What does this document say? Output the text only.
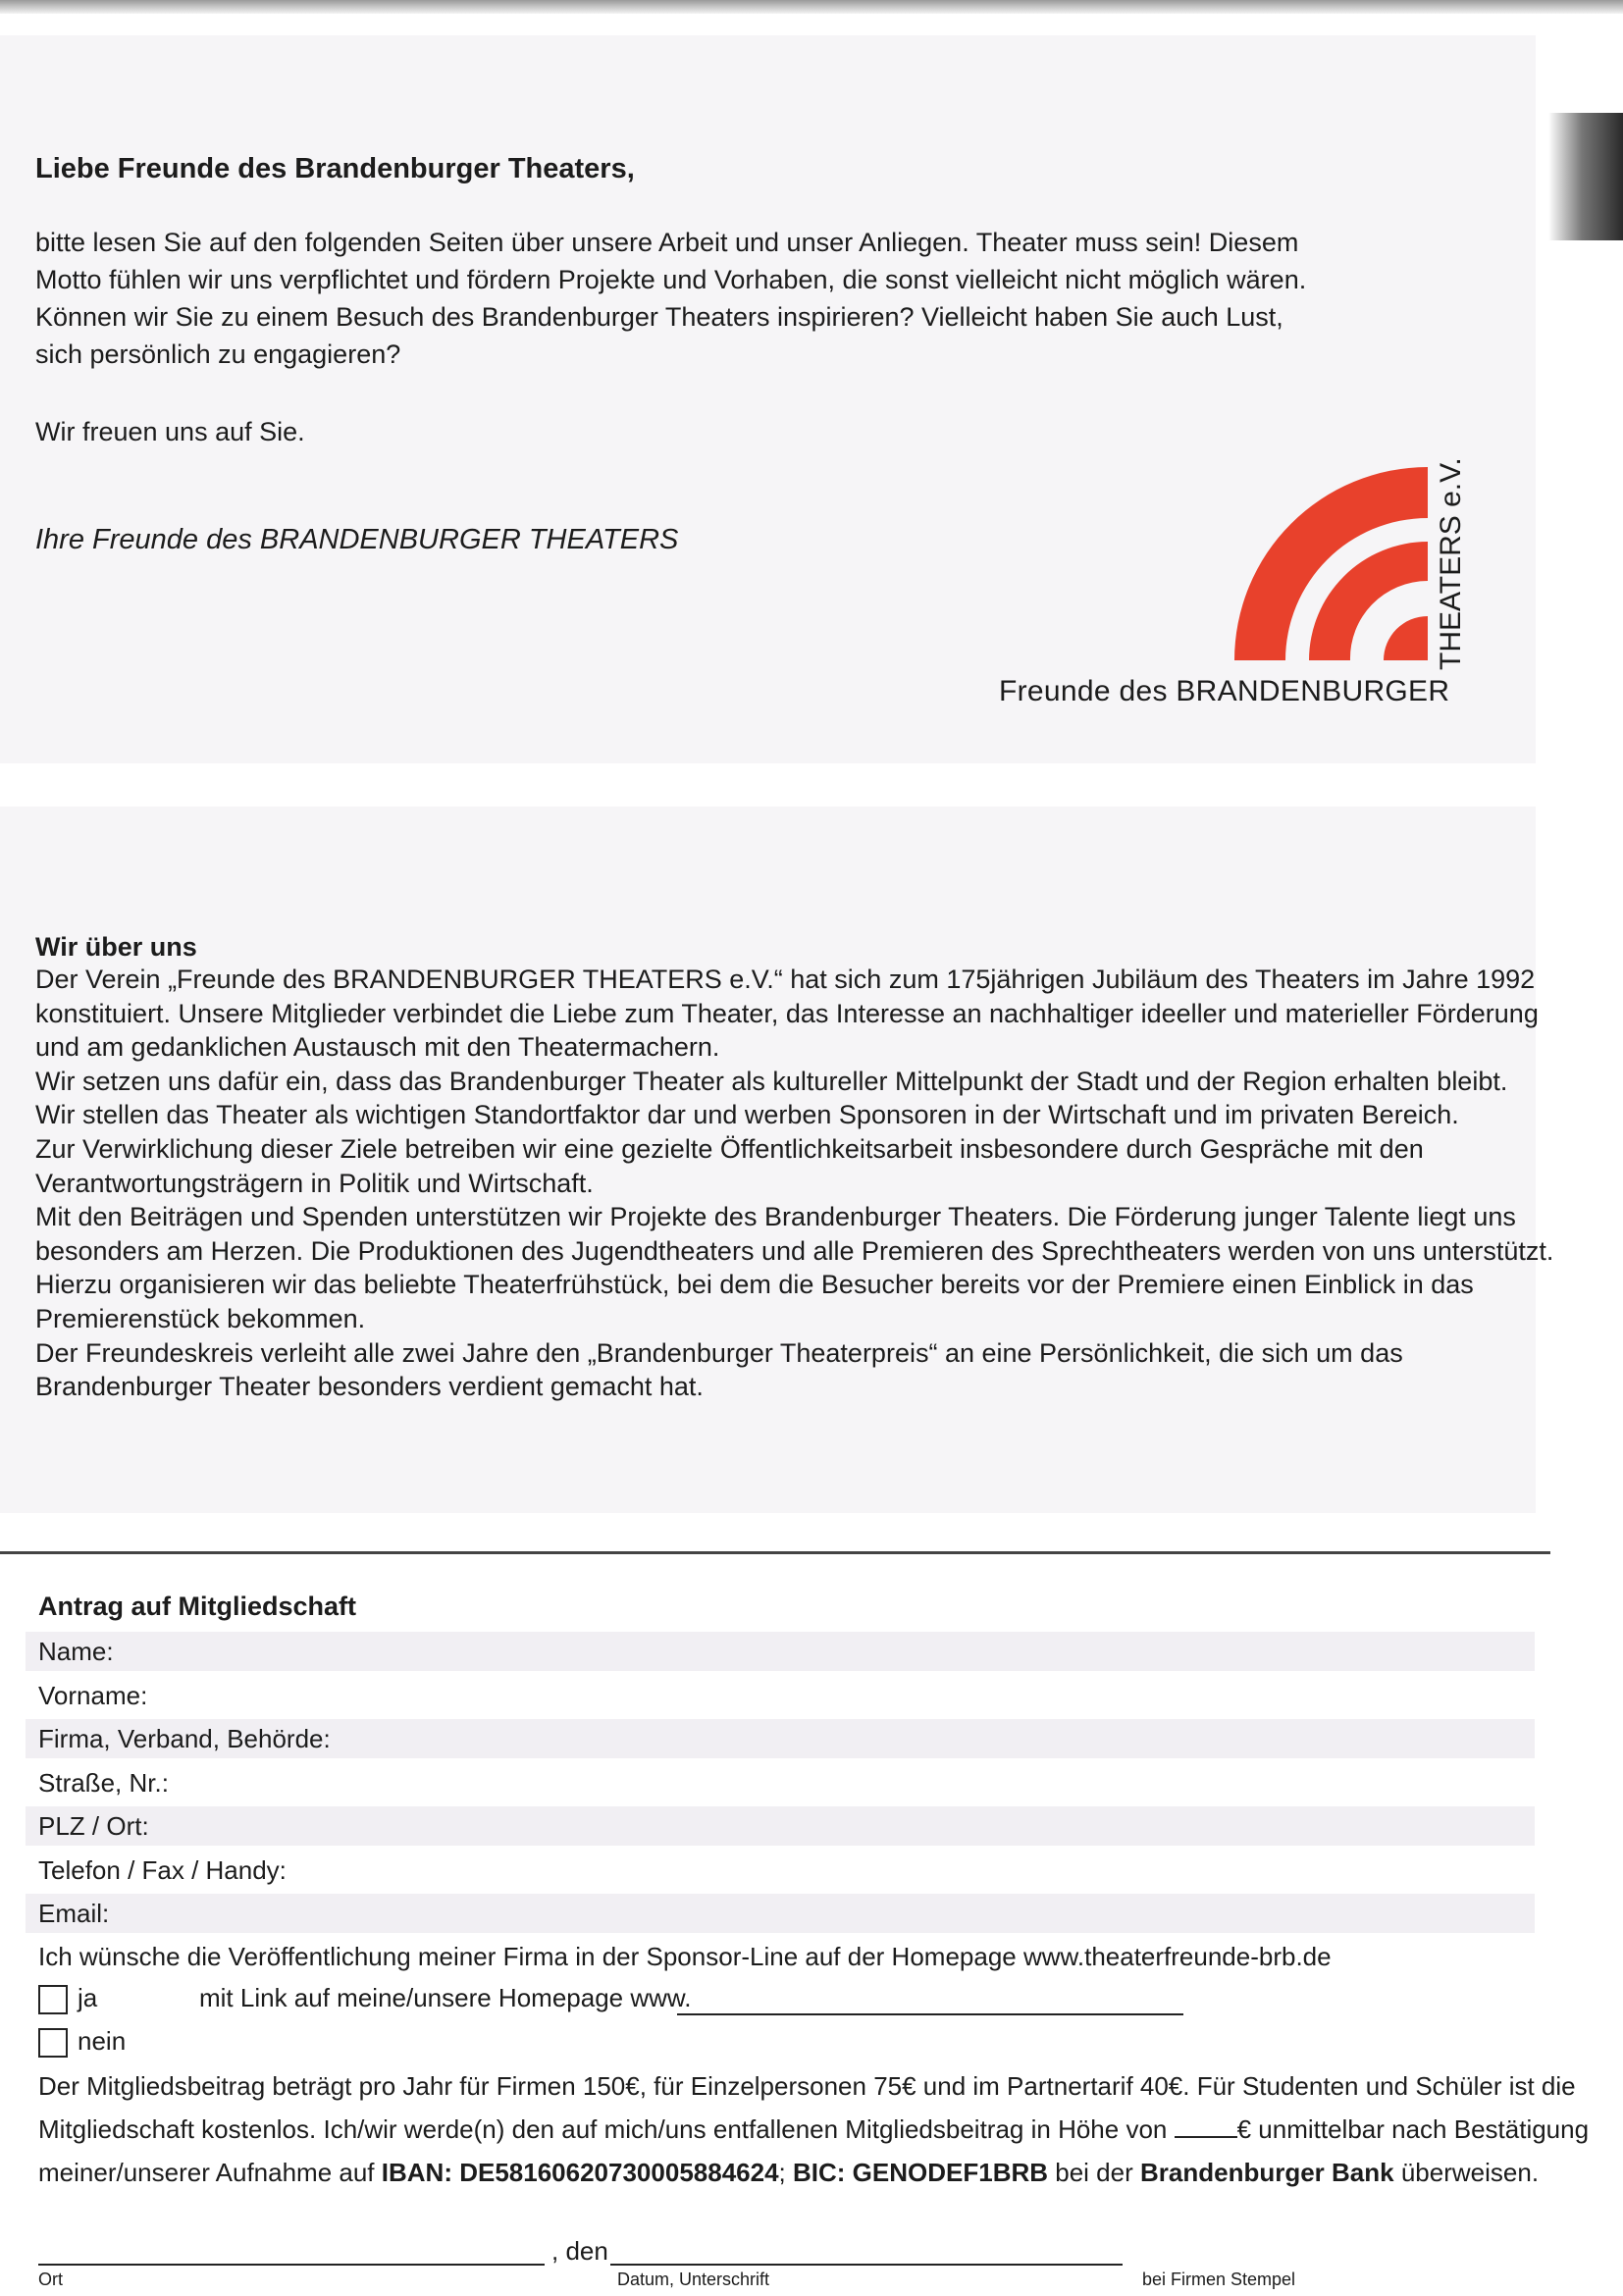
Liebe Freunde des Brandenburger Theaters,
bitte lesen Sie auf den folgenden Seiten über unsere Arbeit und unser Anliegen. Theater muss sein! Diesem
Motto fühlen wir uns verpflichtet und fördern Projekte und Vorhaben, die sonst vielleicht nicht möglich wären.
Können wir Sie zu einem Besuch des Brandenburger Theaters inspirieren? Vielleicht haben Sie auch Lust,
sich persönlich zu engagieren?
Wir freuen uns auf Sie.
Ihre Freunde des BRANDENBURGER THEATERS
Freunde des BRANDENBURGER
THEATERS e.V.
Wir über uns
Der Verein „Freunde des BRANDENBURGER THEATERS e.V.“ hat sich zum 175jährigen Jubiläum des Theaters im Jahre 1992
konstituiert. Unsere Mitglieder verbindet die Liebe zum Theater, das Interesse an nachhaltiger ideeller und materieller Förderung
und am gedanklichen Austausch mit den Theatermachern.
Wir setzen uns dafür ein, dass das Brandenburger Theater als kultureller Mittelpunkt der Stadt und der Region erhalten bleibt.
Wir stellen das Theater als wichtigen Standortfaktor dar und werben Sponsoren in der Wirtschaft und im privaten Bereich.
Zur Verwirklichung dieser Ziele betreiben wir eine gezielte Öffentlichkeitsarbeit insbesondere durch Gespräche mit den
Verantwortungsträgern in Politik und Wirtschaft.
Mit den Beiträgen und Spenden unterstützen wir Projekte des Brandenburger Theaters. Die Förderung junger Talente liegt uns
besonders am Herzen. Die Produktionen des Jugendtheaters und alle Premieren des Sprechtheaters werden von uns unterstützt.
Hierzu organisieren wir das beliebte Theaterfrühstück, bei dem die Besucher bereits vor der Premiere einen Einblick in das
Premierenstück bekommen.
Der Freundeskreis verleiht alle zwei Jahre den „Brandenburger Theaterpreis“ an eine Persönlichkeit, die sich um das
Brandenburger Theater besonders verdient gemacht hat.
Antrag auf Mitgliedschaft
Name:
Vorname:
Firma, Verband, Behörde:
Straße, Nr.:
PLZ / Ort:
Telefon / Fax / Handy:
Email:
Ich wünsche die Veröffentlichung meiner Firma in der Sponsor-Line auf der Homepage www.theaterfreunde-brb.de
ja	mit Link auf meine/unsere Homepage www.
nein
Der Mitgliedsbeitrag beträgt pro Jahr für Firmen 150€, für Einzelpersonen 75€ und im Partnertarif 40€. Für Studenten und Schüler ist die
Mitgliedschaft kostenlos. Ich/wir werde(n) den auf mich/uns entfallenen Mitgliedsbeitrag in Höhe von	€ unmittelbar nach Bestätigung
meiner/unserer Aufnahme auf IBAN: DE58160620730005884624; BIC: GENODEF1BRB bei der Brandenburger Bank überweisen.
, den
Ort	Datum, Unterschrift	bei Firmen Stempel
